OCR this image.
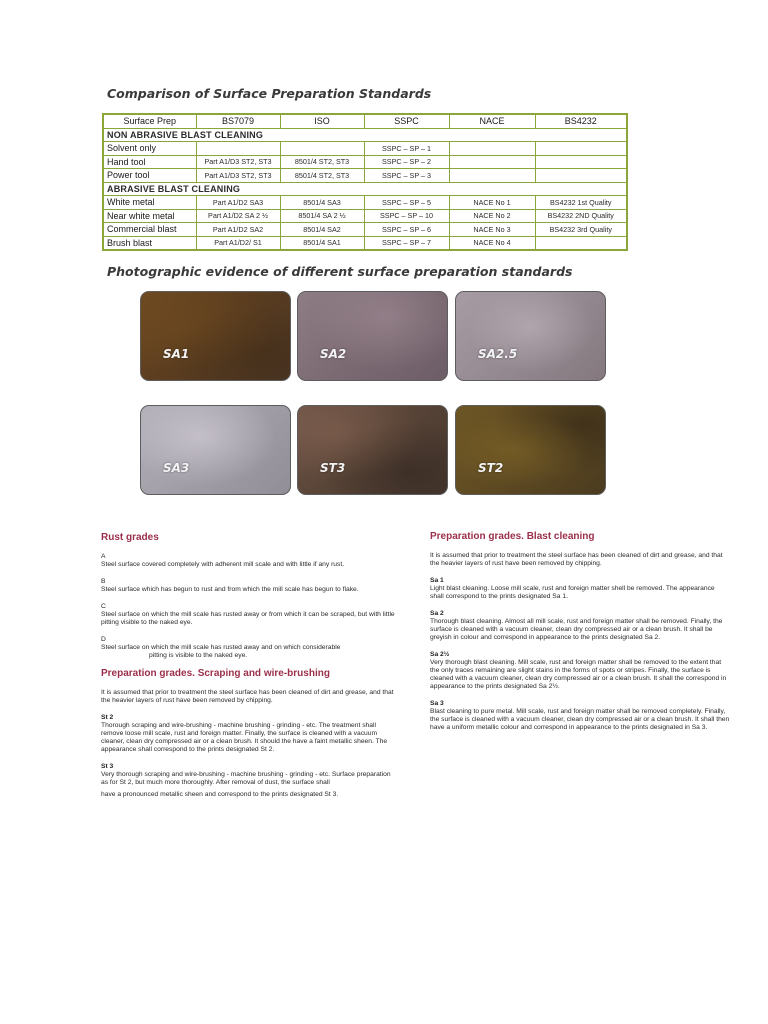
Comparison of Surface Preparation Standards
Surface Prep	BS7079	ISO	SSPC	NACE	BS4232
NON ABRASIVE BLAST CLEANING					
Solvent only			SSPC – SP – 1		
Hand tool	Part A1/D3 ST2, ST3	8501/4 ST2, ST3	SSPC – SP – 2		
Power tool	Part A1/D3 ST2, ST3	8501/4 ST2, ST3	SSPC – SP – 3		
ABRASIVE BLAST CLEANING					
White metal	Part A1/D2 SA3	8501/4 SA3	SSPC – SP – 5	NACE No 1	BS4232 1st Quality
Near white metal	Part A1/D2 SA 2 ½	8501/4 SA 2 ½	SSPC – SP – 10	NACE No 2	BS4232 2ND Quality
Commercial blast	Part A1/D2 SA2	8501/4 SA2	SSPC – SP – 6	NACE No 3	BS4232 3rd Quality
Brush blast	Part A1/D2/ S1	8501/4 SA1	SSPC – SP – 7	NACE No 4	
Photographic evidence of different surface preparation standards
SA1	SA2	SA2.5
SA3	ST3	ST2
Rust grades

A

Steel surface covered completely with adherent mill scale and with little if any rust.

B

Steel surface which has begun to rust and from which the mill scale has begun to flake.

C

Steel surface on which the mill scale has rusted away or from which it can be scraped, but with little pitting visible to the naked eye.

D

Steel surface on which the mill scale has rusted away and on which considerable

pitting is visible to the naked eye.

Preparation grades. Scraping and wire-brushing

It is assumed that prior to treatment the steel surface has been cleaned of dirt and grease, and that the heavier layers of rust have been removed by chipping.

St 2

Thorough scraping and wire-brushing - machine brushing - grinding - etc. The treatment shall remove loose mill scale, rust and foreign matter. Finally, the surface is cleaned with a vacuum cleaner, clean dry compressed air or a clean brush. It should the have a faint metallic sheen. The appearance shall correspond to the prints designated St 2.

St 3

Very thorough scraping and wire-brushing - machine brushing - grinding - etc. Surface preparation as for St 2, but much more thoroughly. After removal of dust, the surface shall

have a pronounced metallic sheen and correspond to the prints designated St 3.

Preparation grades. Blast cleaning

It is assumed that prior to treatment the steel surface has been cleaned of dirt and grease, and that the heavier layers of rust have been removed by chipping.

Sa 1

Light blast cleaning. Loose mill scale, rust and foreign matter shell be removed. The appearance shall correspond to the prints designated Sa 1.

Sa 2

Thorough blast cleaning. Almost all mill scale, rust and foreign matter shall be removed. Finally, the surface is cleaned with a vacuum cleaner, clean dry compressed air or a clean brush. It shall be greyish in colour and correspond in appearance to the prints designated Sa 2.

Sa 2½

Very thorough blast cleaning. Mill scale, rust and foreign matter shall be removed to the extent that the only traces remaining are slight stains in the forms of spots or stripes. Finally, the surface is cleaned with a vacuum cleaner, clean dry compressed air or a clean brush. It shall the correspond in appearance to the prints designated Sa 2½.

Sa 3

Blast cleaning to pure metal. Mill scale, rust and foreign matter shall be removed completely. Finally, the surface is cleaned with a vacuum cleaner, clean dry compressed air or a clean brush. It shall then have a uniform metallic colour and correspond in appearance to the prints designated in Sa 3.
